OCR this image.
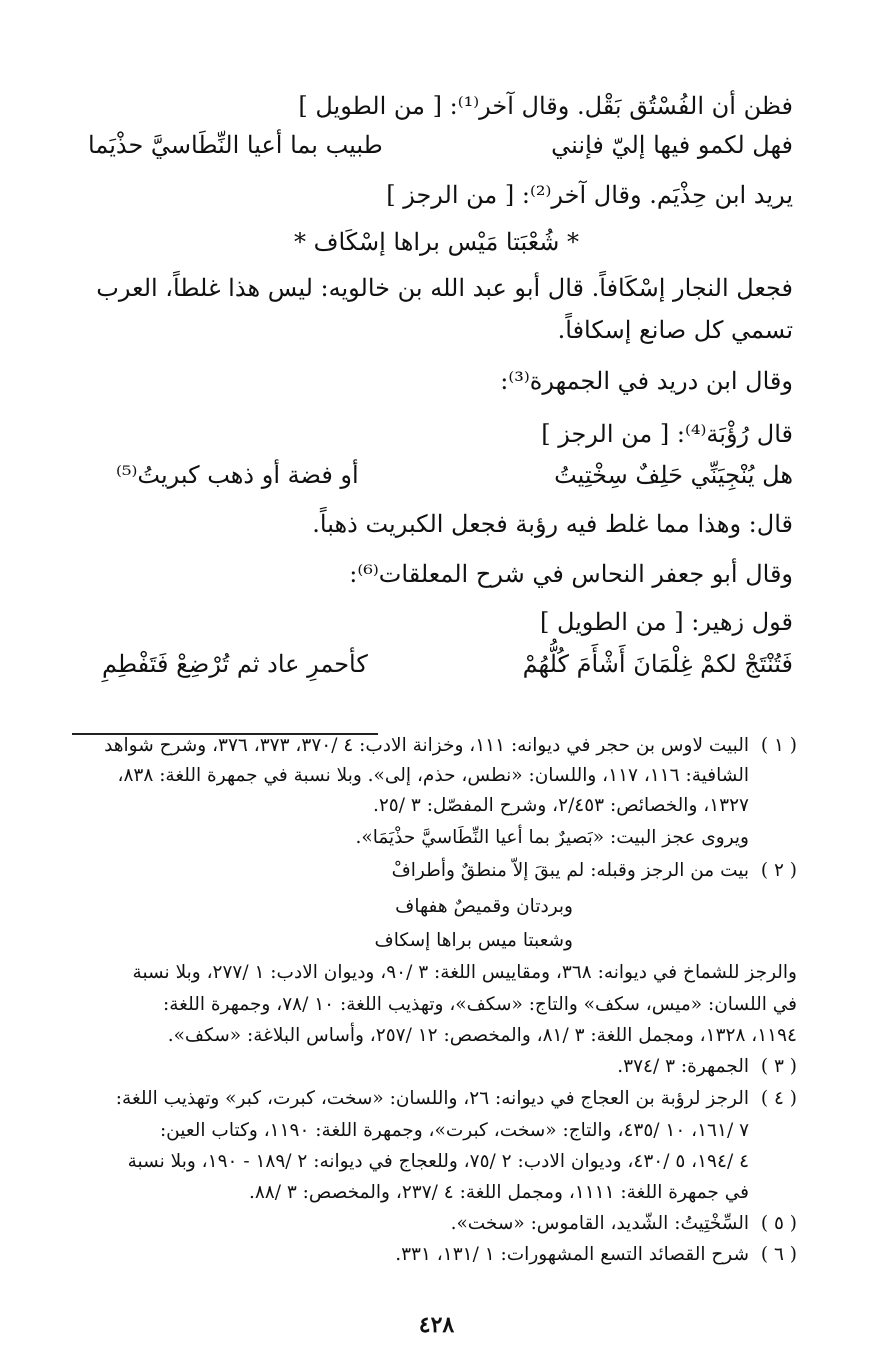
فظن أن الفُسْتُق بَقْل. وقال آخر⁽¹⁾: [ من الطويل ]
فهل لكمو فيها إليّ فإنني
طبيب بما أعيا النِّطَاسيَّ حذْيَما
يريد ابن حِذْيَم. وقال آخر⁽²⁾: [ من الرجز ]
* شُعْبَتا مَيْس براها إسْكَاف *
فجعل النجار إسْكَافاً. قال أبو عبد الله بن خالويه: ليس هذا غلطاً، العرب
تسمي كل صانع إسكافاً.
وقال ابن دريد في الجمهرة⁽³⁾:
قال رُؤْبَة⁽⁴⁾: [ من الرجز ]
هل يُنْجِيَنِّي حَلِفٌ سِخْتِيتُ
أو فضة أو ذهب كبريتُ⁽⁵⁾
قال: وهذا مما غلط فيه رؤبة فجعل الكبريت ذهباً.
وقال أبو جعفر النحاس في شرح المعلقات⁽⁶⁾:
قول زهير: [ من الطويل ]
فَتُنْتَجْ لكمْ غِلْمَانَ أَشْأَمَ كُلُّهُمْ
كأحمرِ عاد ثم تُرْضِعْ فَتَفْطِمِ
( ١ )
البيت لاوس بن حجر في ديوانه: ١١١، وخزانة الادب: ٤ /٣٧٠، ٣٧٣، ٣٧٦، وشرح شواهد
الشافية: ١١٦، ١١٧، واللسان: «نطس، حذم، إلى». وبلا نسبة في جمهرة اللغة: ٨٣٨،
١٣٢٧، والخصائص: ٢/٤٥٣، وشرح المفصّل: ٣ /٢٥.
ويروى عجز البيت: «بَصيرٌ بما أعيا النِّطَاسيَّ حذْيَمَا».
( ٢ )
بيت من الرجز وقبله: لم يبقَ إلاّ منطقٌ وأطرافْ
وبردتان وقميصٌ هفهاف
وشعبتا ميس براها إسكاف
والرجز للشماخ في ديوانه: ٣٦٨، ومقاييس اللغة: ٣ /٩٠، وديوان الادب: ١ /٢٧٧، وبلا نسبة
في اللسان: «ميس، سكف» والتاج: «سكف»، وتهذيب اللغة: ١٠ /٧٨، وجمهرة اللغة:
١١٩٤، ١٣٢٨، ومجمل اللغة: ٣ /٨١، والمخصص: ١٢ /٢٥٧، وأساس البلاغة: «سكف».
( ٣ )
الجمهرة: ٣ /٣٧٤.
( ٤ )
الرجز لرؤبة بن العجاج في ديوانه: ٢٦، واللسان: «سخت، كبرت، كبر» وتهذيب اللغة:
٧ /١٦١، ١٠ /٤٣٥، والتاج: «سخت، كبرت»، وجمهرة اللغة: ١١٩٠، وكتاب العين:
٤ /١٩٤، ٥ /٤٣٠، وديوان الادب: ٢ /٧٥، وللعجاج في ديوانه: ٢ /١٨٩ - ١٩٠، وبلا نسبة
في جمهرة اللغة: ١١١١، ومجمل اللغة: ٤ /٢٣٧، والمخصص: ٣ /٨٨.
( ٥ )
السِّخْتِيتُ: الشّديد، القاموس: «سخت».
( ٦ )
شرح القصائد التسع المشهورات: ١ /١٣١، ٣٣١.
٤٢٨
